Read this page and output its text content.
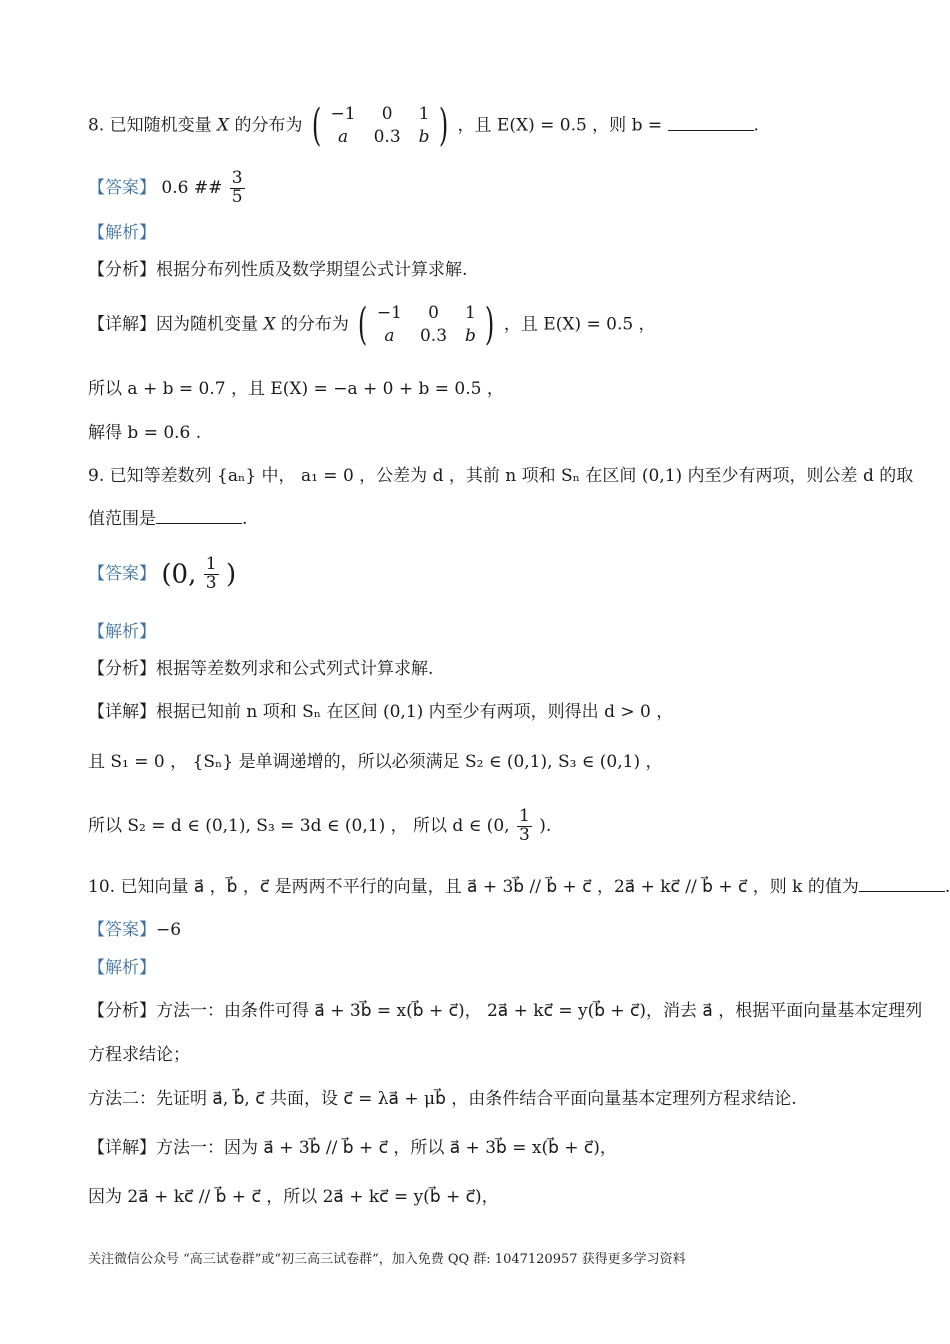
8. 已知随机变量 X 的分布为 ( −1	0	1
a	0.3 b ) ，且 E(X) = 0.5 ，则 b =	.
【答案】 0.6 ## $\frac{3}{5}$
【解析】
【分析】根据分布列性质及数学期望公式计算求解.
【详解】因为随机变量 X 的分布为 ( −1	0	1
a	0.3 b ) ，且 E(X) = 0.5 ，
所以 a + b = 0.7 ，且 E(X) = −a + 0 + b = 0.5 ，
解得 b = 0.6 .
9. 已知等差数列 {aₙ} 中， a₁ = 0 ，公差为 d ，其前 n 项和 Sₙ 在区间 (0,1) 内至少有两项，则公差 d 的取
值范围是	.
【答案】 (0, $\frac{1}{3}$ )
【解析】
【分析】根据等差数列求和公式列式计算求解.
【详解】根据已知前 n 项和 Sₙ 在区间 (0,1) 内至少有两项，则得出 d > 0 ，
且 S₁ = 0 ， {Sₙ} 是单调递增的，所以必须满足 S₂ ∈ (0,1), S₃ ∈ (0,1) ，
所以 S₂ = d ∈ (0,1), S₃ = 3d ∈ (0,1) ， 所以 d ∈ (0, $\frac{1}{3}$ ).
10. 已知向量 a⃗ ，b⃗ ，c⃗ 是两两不平行的向量，且 a⃗ + 3b⃗ // b⃗ + c⃗ ，2a⃗ + kc⃗ // b⃗ + c⃗ ，则 k 的值为	.
【答案】−6
【解析】
【分析】方法一：由条件可得 a⃗ + 3b⃗ = x(b⃗ + c⃗)， 2a⃗ + kc⃗ = y(b⃗ + c⃗)，消去 a⃗ ，根据平面向量基本定理列
方程求结论；
方法二：先证明 a⃗, b⃗, c⃗ 共面，设 c⃗ = λa⃗ + μb⃗ ，由条件结合平面向量基本定理列方程求结论.
【详解】方法一：因为 a⃗ + 3b⃗ // b⃗ + c⃗ ，所以 a⃗ + 3b⃗ = x(b⃗ + c⃗)，
因为 2a⃗ + kc⃗ // b⃗ + c⃗ ，所以 2a⃗ + kc⃗ = y(b⃗ + c⃗)，
关注微信公众号 “高三试卷群”或“初三高三试卷群”，加入免费 QQ 群: 1047120957 获得更多学习资料
